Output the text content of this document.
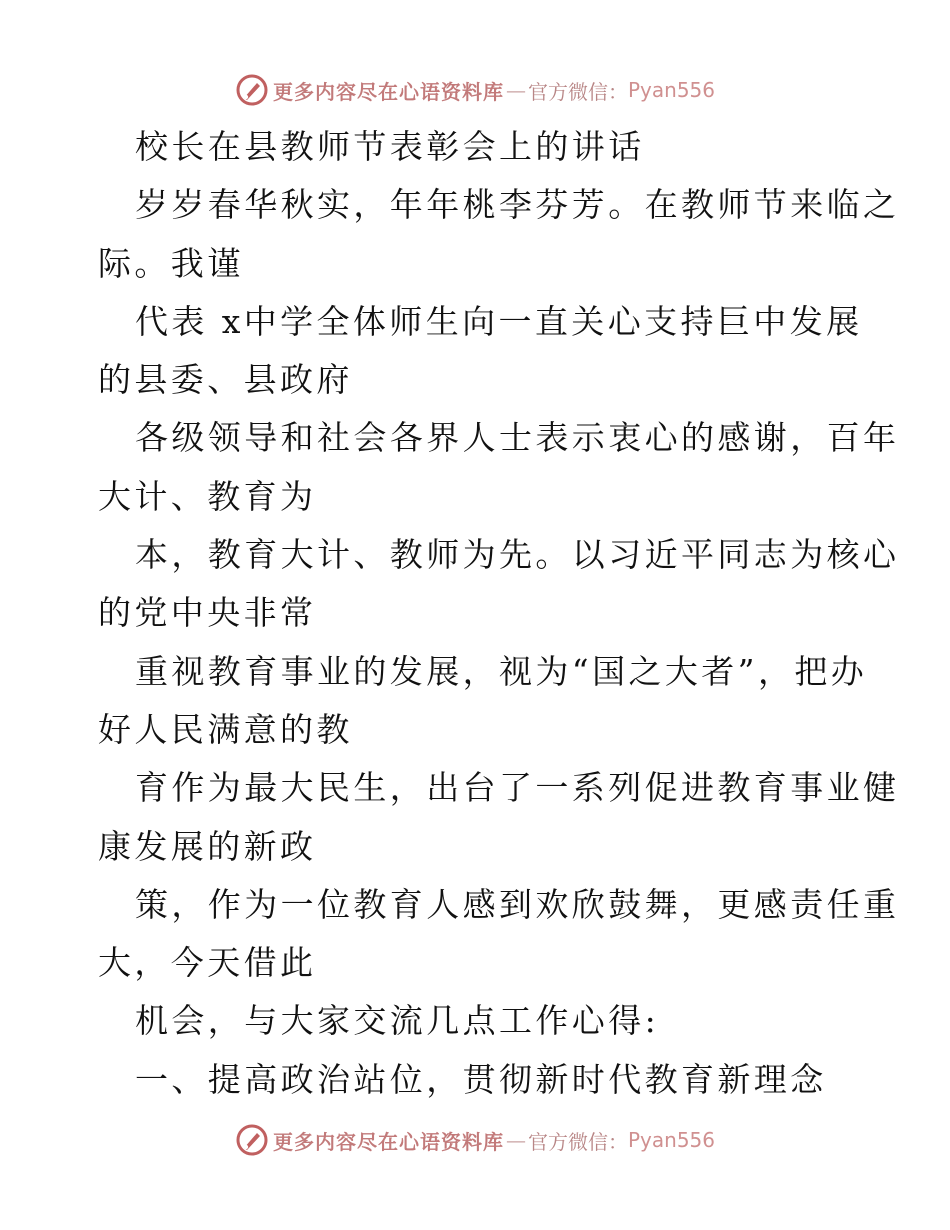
更多内容尽在心语资料库 — 官方微信： Pyan556
校长在县教师节表彰会上的讲话
岁岁春华秋实，年年桃李芬芳。在教师节来临之
际。我谨
代表 x中学全体师生向一直关心支持巨中发展
的县委、县政府
各级领导和社会各界人士表示衷心的感谢，百年
大计、教育为
本，教育大计、教师为先。以习近平同志为核心
的党中央非常
重视教育事业的发展，视为“国之大者”，把办
好人民满意的教
育作为最大民生，出台了一系列促进教育事业健
康发展的新政
策，作为一位教育人感到欢欣鼓舞，更感责任重
大，今天借此
机会，与大家交流几点工作心得:
一、提高政治站位，贯彻新时代教育新理念
更多内容尽在心语资料库 — 官方微信： Pyan556
